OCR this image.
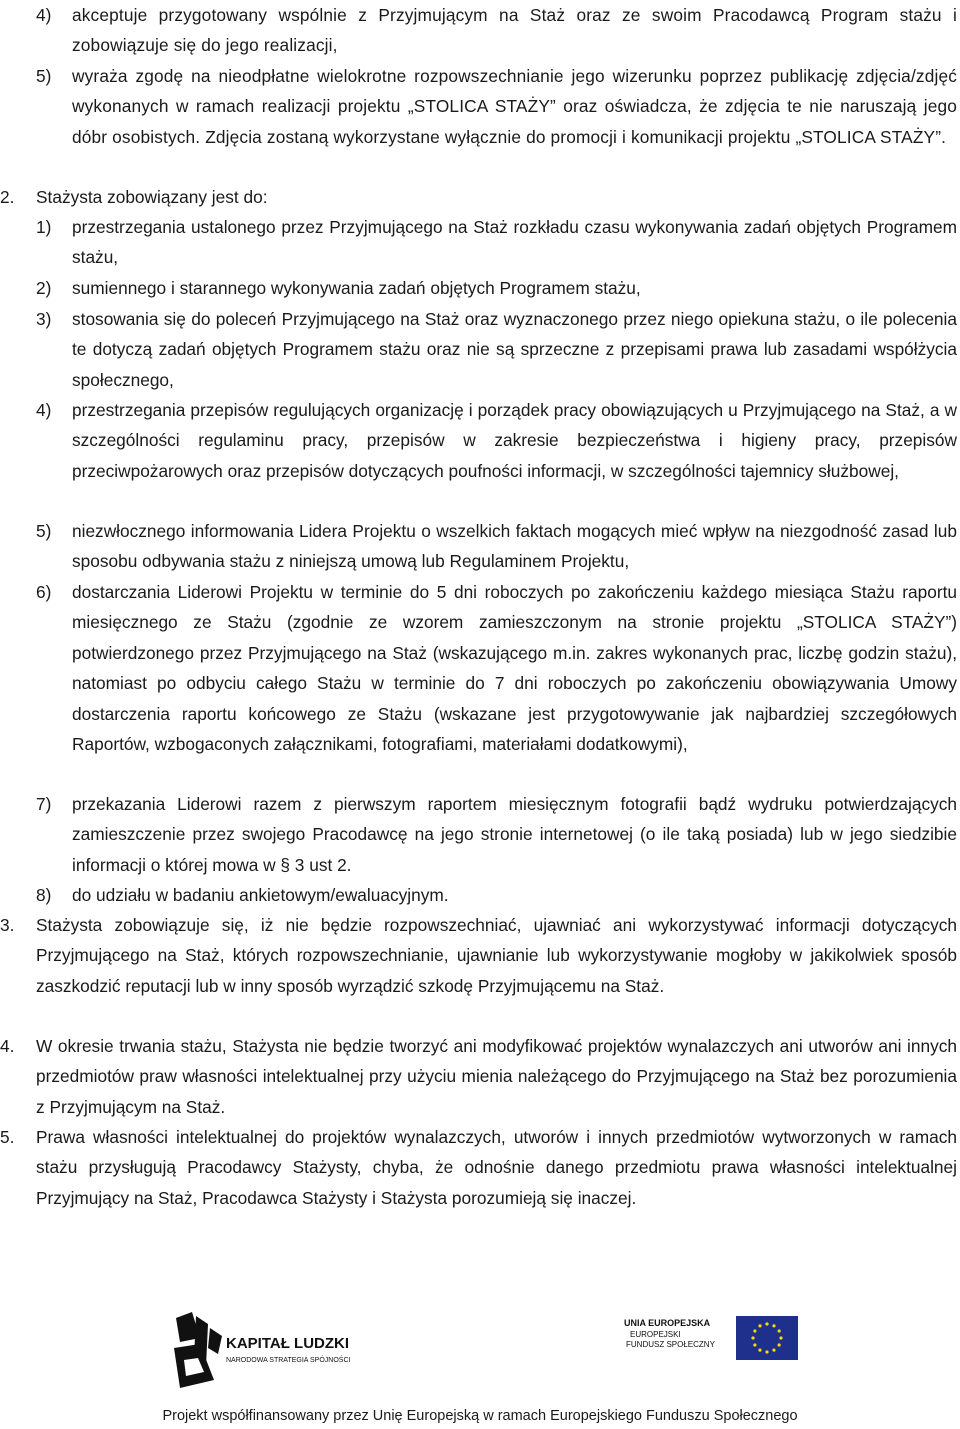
4) akceptuje przygotowany wspólnie z Przyjmującym na Staż oraz ze swoim Pracodawcą Program stażu i zobowiązuje się do jego realizacji,
5) wyraża zgodę na nieodpłatne wielokrotne rozpowszechnianie jego wizerunku poprzez publikację zdjęcia/zdjęć wykonanych w ramach realizacji projektu „STOLICA STAŻY” oraz oświadcza, że zdjęcia te nie naruszają jego dóbr osobistych. Zdjęcia zostaną wykorzystane wyłącznie do promocji i komunikacji projektu „STOLICA STAŻY”.
2. Stażysta zobowiązany jest do:
1) przestrzegania ustalonego przez Przyjmującego na Staż rozkładu czasu wykonywania zadań objętych Programem stażu,
2) sumiennego i starannego wykonywania zadań objętych Programem stażu,
3) stosowania się do poleceń Przyjmującego na Staż oraz wyznaczonego przez niego opiekuna stażu, o ile polecenia te dotyczą zadań objętych Programem stażu oraz nie są sprzeczne z przepisami prawa lub zasadami współżycia społecznego,
4) przestrzegania przepisów regulujących organizację i porządek pracy obowiązujących u Przyjmującego na Staż, a w szczególności regulaminu pracy, przepisów w zakresie bezpieczeństwa i higieny pracy, przepisów przeciwpożarowych oraz przepisów dotyczących poufności informacji, w szczególności tajemnicy służbowej,
5) niezwłocznego informowania Lidera Projektu o wszelkich faktach mogących mieć wpływ na niezgodność zasad lub sposobu odbywania stażu z niniejszą umową lub Regulaminem Projektu,
6) dostarczania Liderowi Projektu w terminie do 5 dni roboczych po zakończeniu każdego miesiąca Stażu raportu miesięcznego ze Stażu (zgodnie ze wzorem zamieszczonym na stronie projektu „STOLICA STAŻY”) potwierdzonego przez Przyjmującego na Staż (wskazującego m.in. zakres wykonanych prac, liczbę godzin stażu), natomiast po odbyciu całego Stażu w terminie do 7 dni roboczych po zakończeniu obowiązywania Umowy dostarczenia raportu końcowego ze Stażu (wskazane jest przygotowywanie jak najbardziej szczegółowych Raportów, wzbogaconych załącznikami, fotografiami, materiałami dodatkowymi),
7) przekazania Liderowi razem z pierwszym raportem miesięcznym fotografii bądź wydruku potwierdzających zamieszczenie przez swojego Pracodawcę na jego stronie internetowej (o ile taką posiada) lub w jego siedzibie informacji o której mowa w § 3 ust 2.
8) do udziału w badaniu ankietowym/ewaluacyjnym.
3. Stażysta zobowiązuje się, iż nie będzie rozpowszechniać, ujawniać ani wykorzystywać informacji dotyczących Przyjmującego na Staż, których rozpowszechnianie, ujawnianie lub wykorzystywanie mogłoby w jakikolwiek sposób zaszkodzić reputacji lub w inny sposób wyrządzić szkodę Przyjmującemu na Staż.
4. W okresie trwania stażu, Stażysta nie będzie tworzyć ani modyfikować projektów wynalazczych ani utworów ani innych przedmiotów praw własności intelektualnej przy użyciu mienia należącego do Przyjmującego na Staż bez porozumienia z Przyjmującym na Staż.
5. Prawa własności intelektualnej do projektów wynalazczych, utworów i innych przedmiotów wytworzonych w ramach stażu przysługują Pracodawcy Stażysty, chyba, że odnośnie danego przedmiotu prawa własności intelektualnej Przyjmujący na Staż, Pracodawca Stażysty i Stażysta porozumieją się inaczej.
KAPITAŁ LUDZKI
NARODOWA STRATEGIA SPÓJNOŚCI
UNIA EUROPEJSKA
EUROPEJSKI
FUNDUSZ SPOŁECZNY
Projekt współfinansowany przez Unię Europejską w ramach Europejskiego Funduszu Społecznego
